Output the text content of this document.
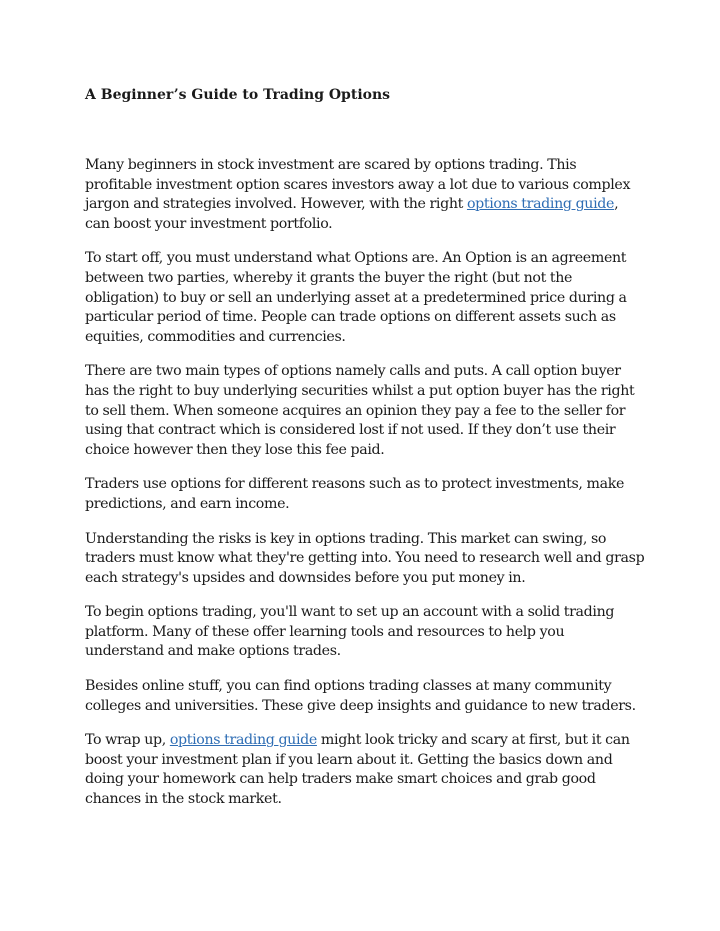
A Beginner’s Guide to Trading Options

Many beginners in stock investment are scared by options trading. This profitable investment option scares investors away a lot due to various complex jargon and strategies involved. However, with the right options trading guide, can boost your investment portfolio.

To start off, you must understand what Options are. An Option is an agreement between two parties, whereby it grants the buyer the right (but not the obligation) to buy or sell an underlying asset at a predetermined price during a particular period of time. People can trade options on different assets such as equities, commodities and currencies.

There are two main types of options namely calls and puts. A call option buyer has the right to buy underlying securities whilst a put option buyer has the right to sell them. When someone acquires an opinion they pay a fee to the seller for using that contract which is considered lost if not used. If they don’t use their choice however then they lose this fee paid.

Traders use options for different reasons such as to protect investments, make predictions, and earn income.

Understanding the risks is key in options trading. This market can swing, so traders must know what they're getting into. You need to research well and grasp each strategy's upsides and downsides before you put money in.

To begin options trading, you'll want to set up an account with a solid trading platform. Many of these offer learning tools and resources to help you understand and make options trades.

Besides online stuff, you can find options trading classes at many community colleges and universities. These give deep insights and guidance to new traders.

To wrap up, options trading guide might look tricky and scary at first, but it can boost your investment plan if you learn about it. Getting the basics down and doing your homework can help traders make smart choices and grab good chances in the stock market.
